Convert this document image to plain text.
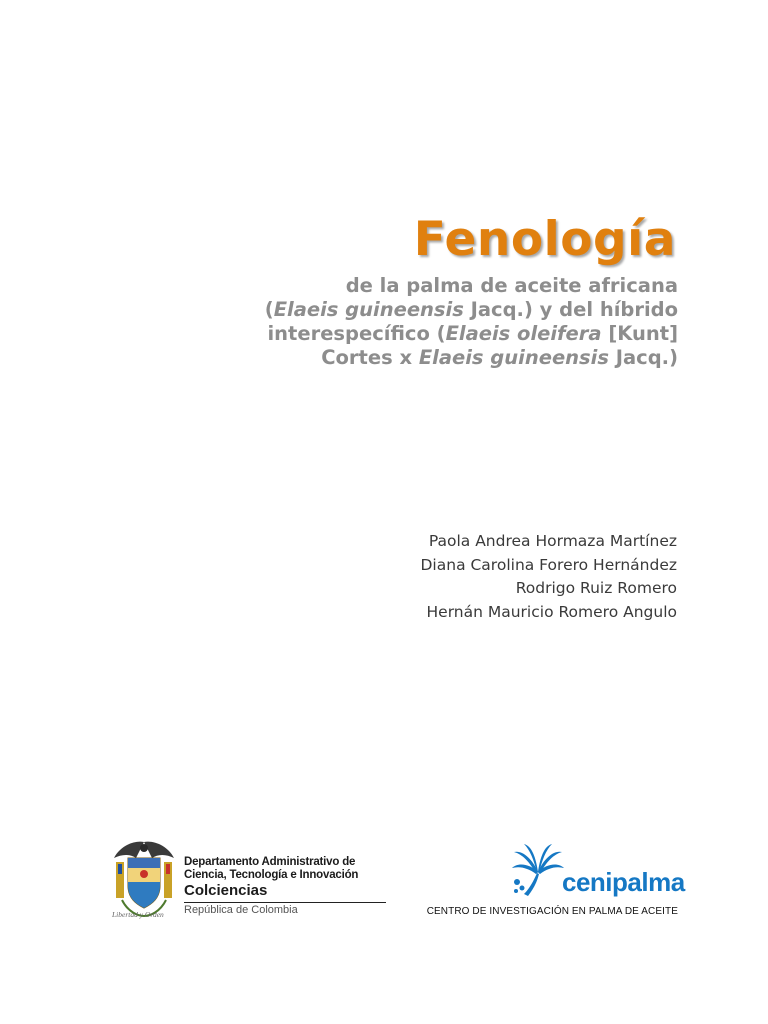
Fenología
de la palma de aceite africana
(Elaeis guineensis Jacq.) y del híbrido
interespecífico (Elaeis oleifera [Kunt]
Cortes x Elaeis guineensis Jacq.)
Paola Andrea Hormaza Martínez
Diana Carolina Forero Hernández
Rodrigo Ruiz Romero
Hernán Mauricio Romero Angulo
Libertad y Orden
Departamento Administrativo de
Ciencia, Tecnología e Innovación
Colciencias
República de Colombia
cenipalma
CENTRO DE INVESTIGACIÓN EN PALMA DE ACEITE
